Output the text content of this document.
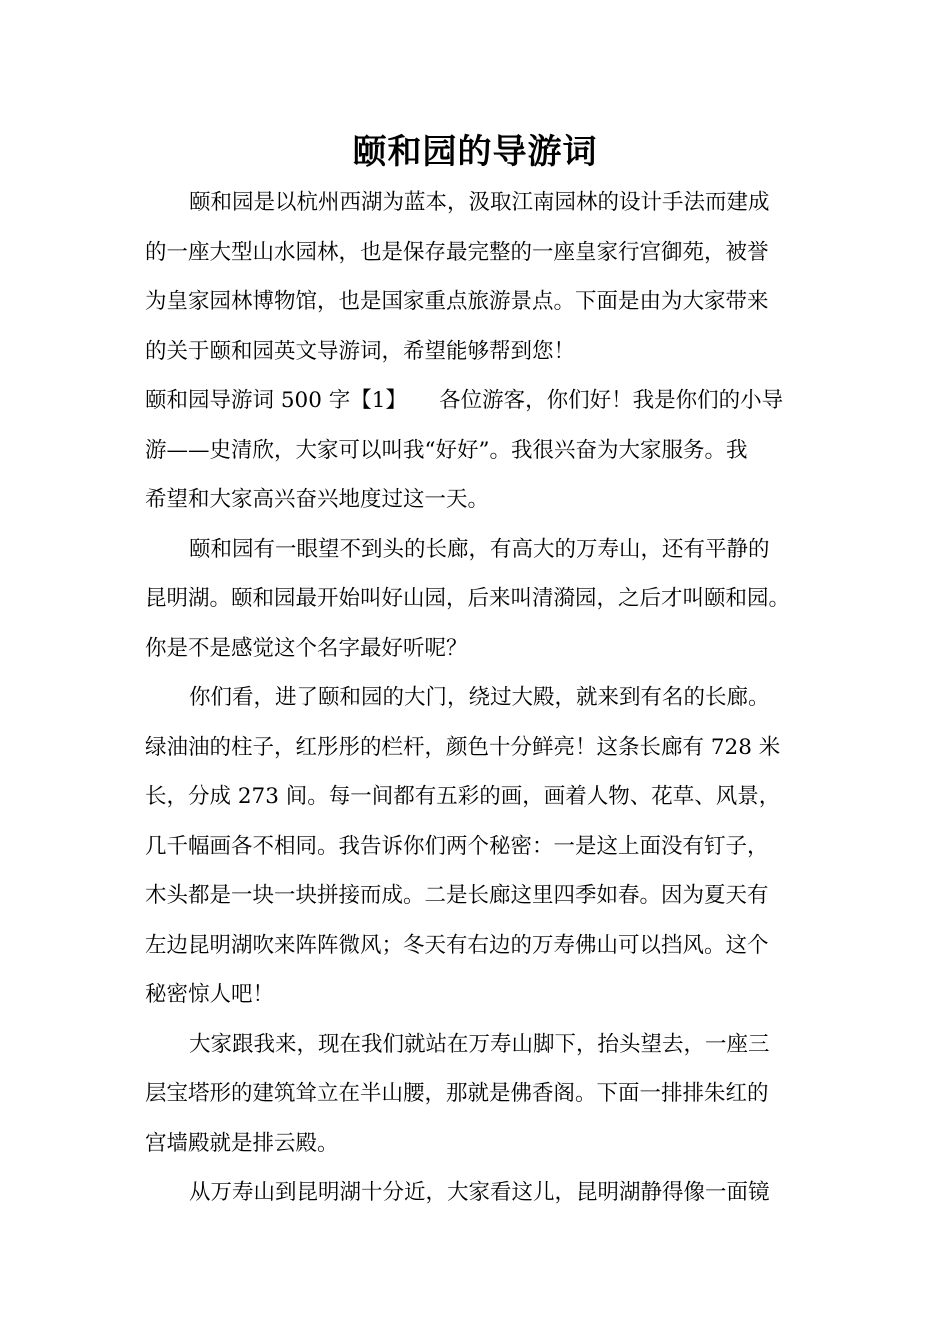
颐和园的导游词
颐和园是以杭州西湖为蓝本，汲取江南园林的设计手法而建成
的一座大型山水园林，也是保存最完整的一座皇家行宫御苑，被誉
为皇家园林博物馆，也是国家重点旅游景点。下面是由为大家带来
的关于颐和园英文导游词，希望能够帮到您！
颐和园导游词 500 字【1】　　各位游客，你们好！我是你们的小导
游——史清欣，大家可以叫我“好好”。我很兴奋为大家服务。我
希望和大家高兴奋兴地度过这一天。
颐和园有一眼望不到头的长廊，有高大的万寿山，还有平静的
昆明湖。颐和园最开始叫好山园，后来叫清漪园，之后才叫颐和园。
你是不是感觉这个名字最好听呢？
你们看，进了颐和园的大门，绕过大殿，就来到有名的长廊。
绿油油的柱子，红彤彤的栏杆，颜色十分鲜亮！这条长廊有 728 米
长，分成 273 间。每一间都有五彩的画，画着人物、花草、风景，
几千幅画各不相同。我告诉你们两个秘密：一是这上面没有钉子，
木头都是一块一块拼接而成。二是长廊这里四季如春。因为夏天有
左边昆明湖吹来阵阵微风；冬天有右边的万寿佛山可以挡风。这个
秘密惊人吧！
大家跟我来，现在我们就站在万寿山脚下，抬头望去，一座三
层宝塔形的建筑耸立在半山腰，那就是佛香阁。下面一排排朱红的
宫墙殿就是排云殿。
从万寿山到昆明湖十分近，大家看这儿，昆明湖静得像一面镜
